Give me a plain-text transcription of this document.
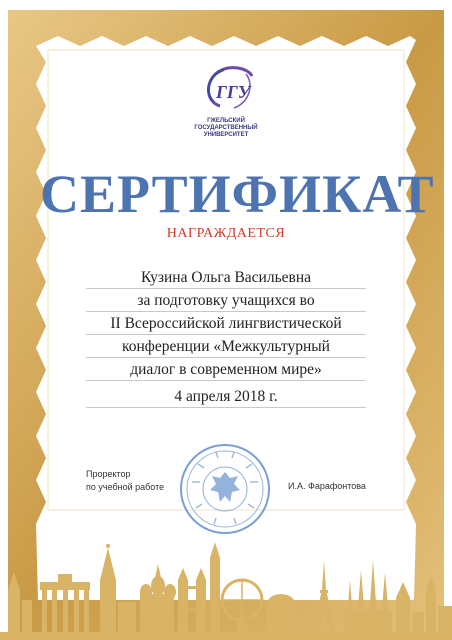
ГГУ
ГЖЕЛЬСКИЙ
ГОСУДАРСТВЕННЫЙ
УНИВЕРСИТЕТ
СЕРТИФИКАТ
НАГРАЖДАЕТСЯ
Кузина Ольга Васильевна
за подготовку учащихся во
II Всероссийской лингвистической
конференции «Межкультурный
диалог в современном мире»
4 апреля 2018 г.
Проректор
по учебной работе	И.А. Фарафонтова
